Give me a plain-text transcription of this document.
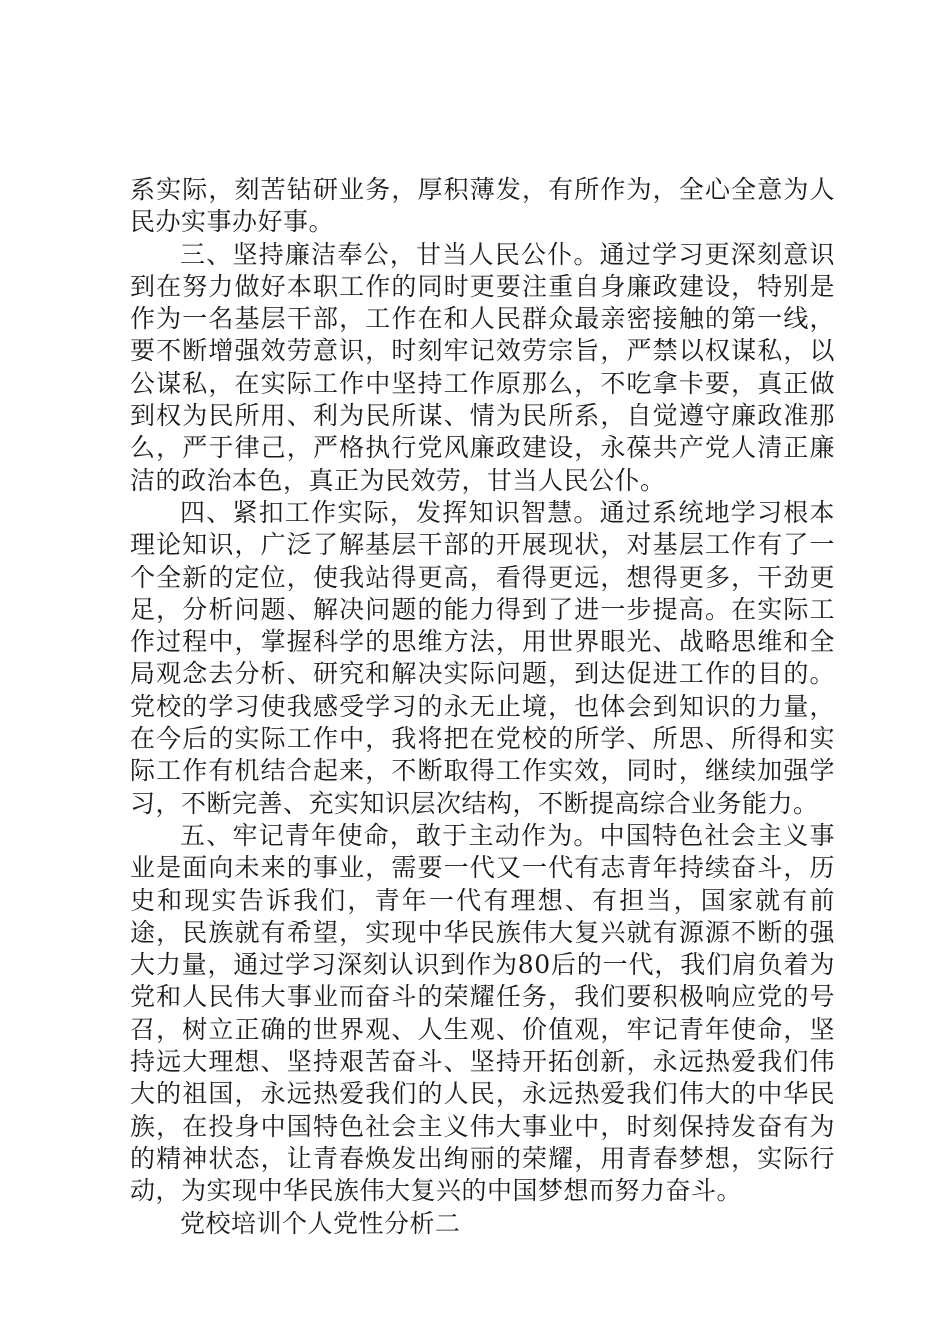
系实际，刻苦钻研业务，厚积薄发，有所作为，全心全意为人民办实事办好事。

三、坚持廉洁奉公，甘当人民公仆。通过学习更深刻意识到在努力做好本职工作的同时更要注重自身廉政建设，特别是作为一名基层干部，工作在和人民群众最亲密接触的第一线，要不断增强效劳意识，时刻牢记效劳宗旨，严禁以权谋私，以公谋私，在实际工作中坚持工作原那么，不吃拿卡要，真正做到权为民所用、利为民所谋、情为民所系，自觉遵守廉政准那么，严于律己，严格执行党风廉政建设，永葆共产党人清正廉洁的政治本色，真正为民效劳，甘当人民公仆。

四、紧扣工作实际，发挥知识智慧。通过系统地学习根本理论知识，广泛了解基层干部的开展现状，对基层工作有了一个全新的定位，使我站得更高，看得更远，想得更多，干劲更足，分析问题、解决问题的能力得到了进一步提高。在实际工作过程中，掌握科学的思维方法，用世界眼光、战略思维和全局观念去分析、研究和解决实际问题，到达促进工作的目的。党校的学习使我感受学习的永无止境，也体会到知识的力量，在今后的实际工作中，我将把在党校的所学、所思、所得和实际工作有机结合起来，不断取得工作实效，同时，继续加强学习，不断完善、充实知识层次结构，不断提高综合业务能力。

五、牢记青年使命，敢于主动作为。中国特色社会主义事业是面向未来的事业，需要一代又一代有志青年持续奋斗，历史和现实告诉我们，青年一代有理想、有担当，国家就有前途，民族就有希望，实现中华民族伟大复兴就有源源不断的强大力量，通过学习深刻认识到作为80后的一代，我们肩负着为党和人民伟大事业而奋斗的荣耀任务，我们要积极响应党的号召，树立正确的世界观、人生观、价值观，牢记青年使命，坚持远大理想、坚持艰苦奋斗、坚持开拓创新，永远热爱我们伟大的祖国，永远热爱我们的人民，永远热爱我们伟大的中华民族，在投身中国特色社会主义伟大事业中，时刻保持发奋有为的精神状态，让青春焕发出绚丽的荣耀，用青春梦想，实际行动，为实现中华民族伟大复兴的中国梦想而努力奋斗。

党校培训个人党性分析二
